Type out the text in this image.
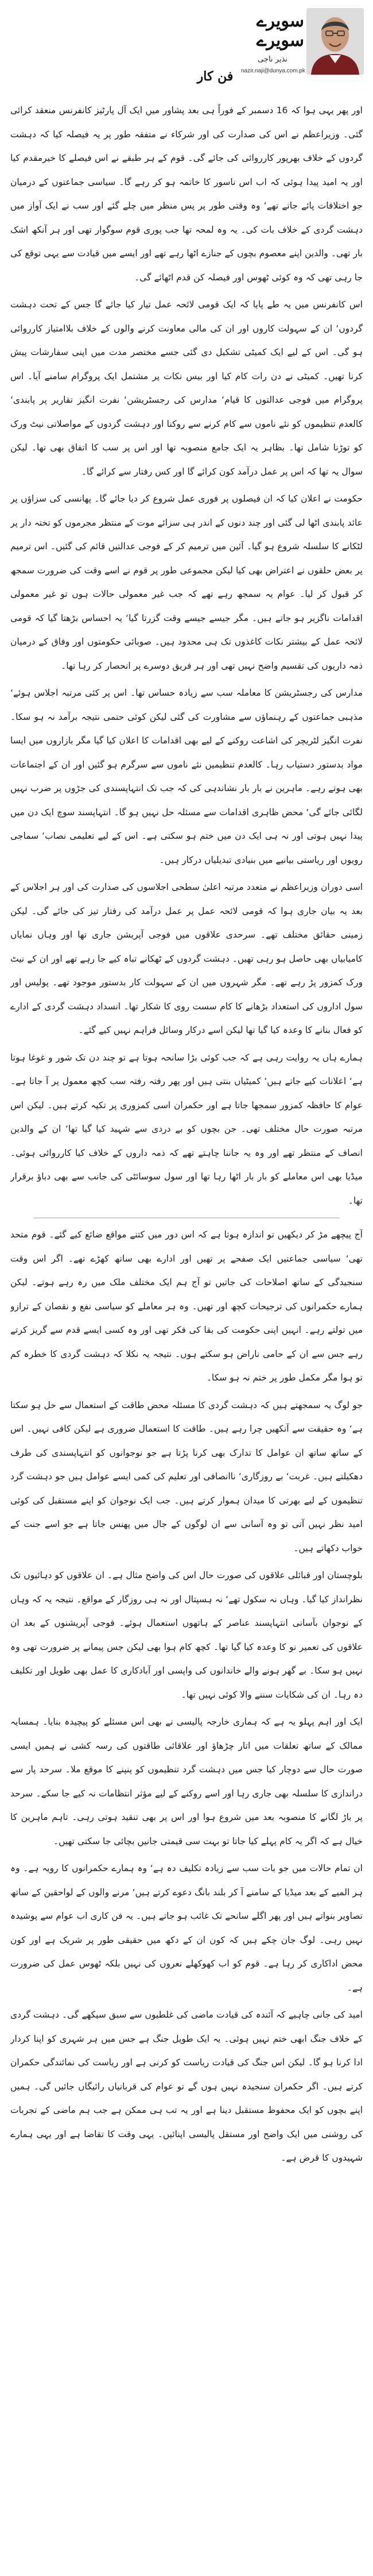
سویرے
سویرے
نذیر ناجی
nazir.naji@dunya.com.pk
فن کار

اور پھر یہی ہوا کہ 16 دسمبر کے فوراً ہی بعد پشاور میں ایک آل پارٹیز کانفرنس منعقد کرائی گئی۔ وزیراعظم نے اس کی صدارت کی اور شرکاء نے متفقہ طور پر یہ فیصلہ کیا کہ دہشت گردوں کے خلاف بھرپور کارروائی کی جائے گی۔ قوم کے ہر طبقے نے اس فیصلے کا خیرمقدم کیا اور یہ امید پیدا ہوئی کہ اب اس ناسور کا خاتمہ ہو کر رہے گا۔ سیاسی جماعتوں کے درمیان جو اختلافات پائے جاتے تھے‘ وہ وقتی طور پر پس منظر میں چلے گئے اور سب نے ایک آواز میں دہشت گردی کے خلاف بات کی۔ یہ وہ لمحہ تھا جب پوری قوم سوگوار تھی اور ہر آنکھ اشک بار تھی۔ والدین اپنے معصوم بچوں کے جنازے اٹھا رہے تھے اور ایسے میں قیادت سے یہی توقع کی جا رہی تھی کہ وہ کوئی ٹھوس اور فیصلہ کن قدم اٹھائے گی۔

اس کانفرنس میں یہ طے پایا کہ ایک قومی لائحہ عمل تیار کیا جائے گا جس کے تحت دہشت گردوں‘ ان کے سہولت کاروں اور ان کی مالی معاونت کرنے والوں کے خلاف بلاامتیاز کارروائی ہو گی۔ اس کے لیے ایک کمیٹی تشکیل دی گئی جسے مختصر مدت میں اپنی سفارشات پیش کرنا تھیں۔ کمیٹی نے دن رات کام کیا اور بیس نکات پر مشتمل ایک پروگرام سامنے آیا۔ اس پروگرام میں فوجی عدالتوں کا قیام‘ مدارس کی رجسٹریشن‘ نفرت انگیز تقاریر پر پابندی‘ کالعدم تنظیموں کو نئے ناموں سے کام کرنے سے روکنا اور دہشت گردوں کے مواصلاتی نیٹ ورک کو توڑنا شامل تھا۔ بظاہر یہ ایک جامع منصوبہ تھا اور اس پر سب کا اتفاق بھی تھا۔ لیکن سوال یہ تھا کہ اس پر عمل درآمد کون کرائے گا اور کس رفتار سے کرائے گا۔

حکومت نے اعلان کیا کہ ان فیصلوں پر فوری عمل شروع کر دیا جائے گا۔ پھانسی کی سزاؤں پر عائد پابندی اٹھا لی گئی اور چند دنوں کے اندر ہی سزائے موت کے منتظر مجرموں کو تختہ دار پر لٹکانے کا سلسلہ شروع ہو گیا۔ آئین میں ترمیم کر کے فوجی عدالتیں قائم کی گئیں۔ اس ترمیم پر بعض حلقوں نے اعتراض بھی کیا لیکن مجموعی طور پر قوم نے اسے وقت کی ضرورت سمجھ کر قبول کر لیا۔ عوام یہ سمجھ رہے تھے کہ جب غیر معمولی حالات ہوں تو غیر معمولی اقدامات ناگزیر ہو جاتے ہیں۔ مگر جیسے جیسے وقت گزرتا گیا‘ یہ احساس بڑھتا گیا کہ قومی لائحہ عمل کے بیشتر نکات کاغذوں تک ہی محدود ہیں۔ صوبائی حکومتوں اور وفاق کے درمیان ذمہ داریوں کی تقسیم واضح نہیں تھی اور ہر فریق دوسرے پر انحصار کر رہا تھا۔

مدارس کی رجسٹریشن کا معاملہ سب سے زیادہ حساس تھا۔ اس پر کئی مرتبہ اجلاس ہوئے‘ مذہبی جماعتوں کے رہنماؤں سے مشاورت کی گئی لیکن کوئی حتمی نتیجہ برآمد نہ ہو سکا۔ نفرت انگیز لٹریچر کی اشاعت روکنے کے لیے بھی اقدامات کا اعلان کیا گیا مگر بازاروں میں ایسا مواد بدستور دستیاب رہا۔ کالعدم تنظیمیں نئے ناموں سے سرگرم ہو گئیں اور ان کے اجتماعات بھی ہوتے رہے۔ ماہرین نے بار بار نشاندہی کی کہ جب تک انتہاپسندی کی جڑوں پر ضرب نہیں لگائی جائے گی‘ محض ظاہری اقدامات سے مسئلہ حل نہیں ہو گا۔ انتہاپسند سوچ ایک دن میں پیدا نہیں ہوتی اور نہ ہی ایک دن میں ختم ہو سکتی ہے۔ اس کے لیے تعلیمی نصاب‘ سماجی رویوں اور ریاستی بیانیے میں بنیادی تبدیلیاں درکار ہیں۔

اسی دوران وزیراعظم نے متعدد مرتبہ اعلیٰ سطحی اجلاسوں کی صدارت کی اور ہر اجلاس کے بعد یہ بیان جاری ہوا کہ قومی لائحہ عمل پر عمل درآمد کی رفتار تیز کی جائے گی۔ لیکن زمینی حقائق مختلف تھے۔ سرحدی علاقوں میں فوجی آپریشن جاری تھا اور وہاں نمایاں کامیابیاں بھی حاصل ہو رہی تھیں۔ دہشت گردوں کے ٹھکانے تباہ کیے جا رہے تھے اور ان کے نیٹ ورک کمزور پڑ رہے تھے۔ مگر شہروں میں ان کے سہولت کار بدستور موجود تھے۔ پولیس اور سول اداروں کی استعداد بڑھانے کا کام سست روی کا شکار تھا۔ انسداد دہشت گردی کے ادارے کو فعال بنانے کا وعدہ کیا گیا تھا لیکن اسے درکار وسائل فراہم نہیں کیے گئے۔

ہمارے ہاں یہ روایت رہی ہے کہ جب کوئی بڑا سانحہ ہوتا ہے تو چند دن تک شور و غوغا ہوتا ہے‘ اعلانات کیے جاتے ہیں‘ کمیٹیاں بنتی ہیں اور پھر رفتہ رفتہ سب کچھ معمول پر آ جاتا ہے۔ عوام کا حافظہ کمزور سمجھا جاتا ہے اور حکمران اسی کمزوری پر تکیہ کرتے ہیں۔ لیکن اس مرتبہ صورت حال مختلف تھی۔ جن بچوں کو بے دردی سے شہید کیا گیا تھا‘ ان کے والدین انصاف کے منتظر تھے اور وہ یہ جاننا چاہتے تھے کہ ذمہ داروں کے خلاف کیا کارروائی ہوئی۔ میڈیا بھی اس معاملے کو بار بار اٹھا رہا تھا اور سول سوسائٹی کی جانب سے بھی دباؤ برقرار تھا۔

آج پیچھے مڑ کر دیکھیں تو اندازہ ہوتا ہے کہ اس دور میں کتنے مواقع ضائع کیے گئے۔ قوم متحد تھی‘ سیاسی جماعتیں ایک صفحے پر تھیں اور ادارے بھی ساتھ کھڑے تھے۔ اگر اس وقت سنجیدگی کے ساتھ اصلاحات کی جاتیں تو آج ہم ایک مختلف ملک میں رہ رہے ہوتے۔ لیکن ہمارے حکمرانوں کی ترجیحات کچھ اور تھیں۔ وہ ہر معاملے کو سیاسی نفع و نقصان کے ترازو میں تولتے رہے۔ انہیں اپنی حکومت کی بقا کی فکر تھی اور وہ کسی ایسے قدم سے گریز کرتے رہے جس سے ان کے حامی ناراض ہو سکتے ہوں۔ نتیجہ یہ نکلا کہ دہشت گردی کا خطرہ کم تو ہوا مگر مکمل طور پر ختم نہ ہو سکا۔

جو لوگ یہ سمجھتے ہیں کہ دہشت گردی کا مسئلہ محض طاقت کے استعمال سے حل ہو سکتا ہے‘ وہ حقیقت سے آنکھیں چرا رہے ہیں۔ طاقت کا استعمال ضروری ہے لیکن کافی نہیں۔ اس کے ساتھ ساتھ ان عوامل کا تدارک بھی کرنا پڑتا ہے جو نوجوانوں کو انتہاپسندی کی طرف دھکیلتے ہیں۔ غربت‘ بے روزگاری‘ ناانصافی اور تعلیم کی کمی ایسے عوامل ہیں جو دہشت گرد تنظیموں کے لیے بھرتی کا میدان ہموار کرتے ہیں۔ جب ایک نوجوان کو اپنے مستقبل کی کوئی امید نظر نہیں آتی تو وہ آسانی سے ان لوگوں کے جال میں پھنس جاتا ہے جو اسے جنت کے خواب دکھاتے ہیں۔

بلوچستان اور قبائلی علاقوں کی صورت حال اس کی واضح مثال ہے۔ ان علاقوں کو دہائیوں تک نظرانداز کیا گیا۔ وہاں نہ سکول تھے‘ نہ ہسپتال اور نہ ہی روزگار کے مواقع۔ نتیجہ یہ کہ وہاں کے نوجوان بآسانی انتہاپسند عناصر کے ہاتھوں استعمال ہوئے۔ فوجی آپریشنوں کے بعد ان علاقوں کی تعمیر نو کا وعدہ کیا گیا تھا۔ کچھ کام ہوا بھی لیکن جس پیمانے پر ضرورت تھی وہ نہیں ہو سکا۔ بے گھر ہونے والے خاندانوں کی واپسی اور آبادکاری کا عمل بھی طویل اور تکلیف دہ رہا۔ ان کی شکایات سننے والا کوئی نہیں تھا۔

ایک اور اہم پہلو یہ ہے کہ ہماری خارجہ پالیسی نے بھی اس مسئلے کو پیچیدہ بنایا۔ ہمسایہ ممالک کے ساتھ تعلقات میں اتار چڑھاؤ اور علاقائی طاقتوں کی رسہ کشی نے ہمیں ایسی صورت حال سے دوچار کیا جس میں دہشت گرد تنظیموں کو پنپنے کا موقع ملا۔ سرحد پار سے دراندازی کا سلسلہ بھی جاری رہا اور اسے روکنے کے لیے مؤثر انتظامات نہ کیے جا سکے۔ سرحد پر باڑ لگانے کا منصوبہ بعد میں شروع ہوا اور اس پر بھی تنقید ہوتی رہی۔ تاہم ماہرین کا خیال ہے کہ اگر یہ کام پہلے کیا جاتا تو بہت سی قیمتی جانیں بچائی جا سکتی تھیں۔

ان تمام حالات میں جو بات سب سے زیادہ تکلیف دہ ہے‘ وہ ہمارے حکمرانوں کا رویہ ہے۔ وہ ہر المیے کے بعد میڈیا کے سامنے آ کر بلند بانگ دعوے کرتے ہیں‘ مرنے والوں کے لواحقین کے ساتھ تصاویر بنواتے ہیں اور پھر اگلے سانحے تک غائب ہو جاتے ہیں۔ یہ فن کاری اب عوام سے پوشیدہ نہیں رہی۔ لوگ جان چکے ہیں کہ کون ان کے دکھ میں حقیقی طور پر شریک ہے اور کون محض اداکاری کر رہا ہے۔ قوم کو اب کھوکھلے نعروں کی نہیں بلکہ ٹھوس عمل کی ضرورت ہے۔

امید کی جانی چاہیے کہ آئندہ کی قیادت ماضی کی غلطیوں سے سبق سیکھے گی۔ دہشت گردی کے خلاف جنگ ابھی ختم نہیں ہوئی۔ یہ ایک طویل جنگ ہے جس میں ہر شہری کو اپنا کردار ادا کرنا ہو گا۔ لیکن اس جنگ کی قیادت ریاست کو کرنی ہے اور ریاست کی نمائندگی حکمران کرتے ہیں۔ اگر حکمران سنجیدہ نہیں ہوں گے تو عوام کی قربانیاں رائیگاں جائیں گی۔ ہمیں اپنے بچوں کو ایک محفوظ مستقبل دینا ہے اور یہ تب ہی ممکن ہے جب ہم ماضی کے تجربات کی روشنی میں ایک واضح اور مستقل پالیسی اپنائیں۔ یہی وقت کا تقاضا ہے اور یہی ہمارے شہیدوں کا قرض ہے۔
